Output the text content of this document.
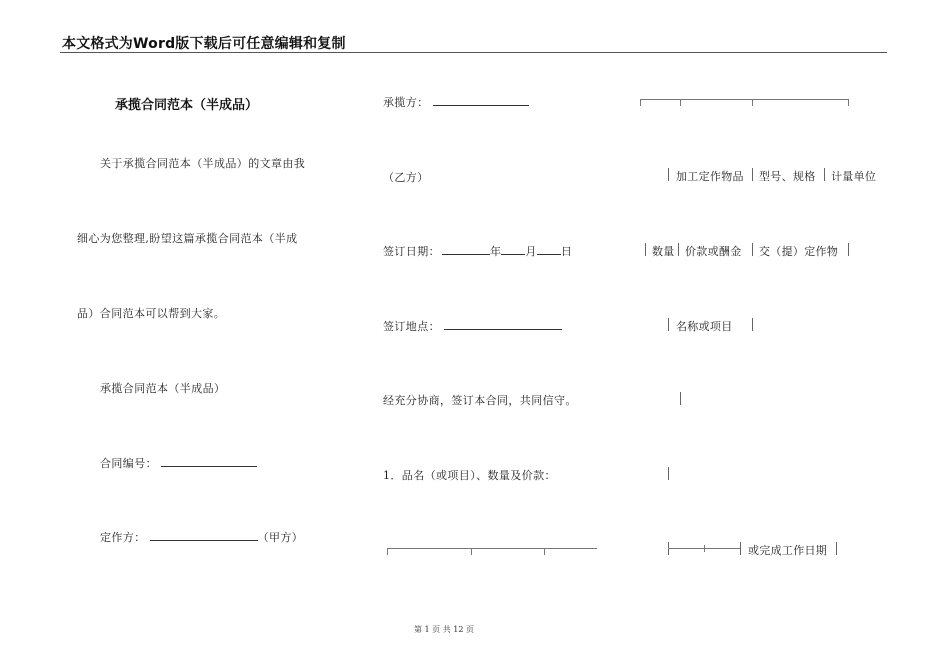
本文格式为Word版下载后可任意编辑和复制
承揽合同范本（半成品）
关于承揽合同范本（半成品）的文章由我
细心为您整理,盼望这篇承揽合同范本（半成
品）合同范本可以帮到大家。
承揽合同范本（半成品）
合同编号：
定作方：	（甲方）
承揽方：
（乙方）
签订日期：	年 月 日
签订地点：
经充分协商，签订本合同，共同信守。
1．品名（或项目）、数量及价款：
加工定作物品 型号、规格 计量单位
数量 价款或酬金 交（提）定作物
名称或项目
或完成工作日期
第 1 页 共 12 页
